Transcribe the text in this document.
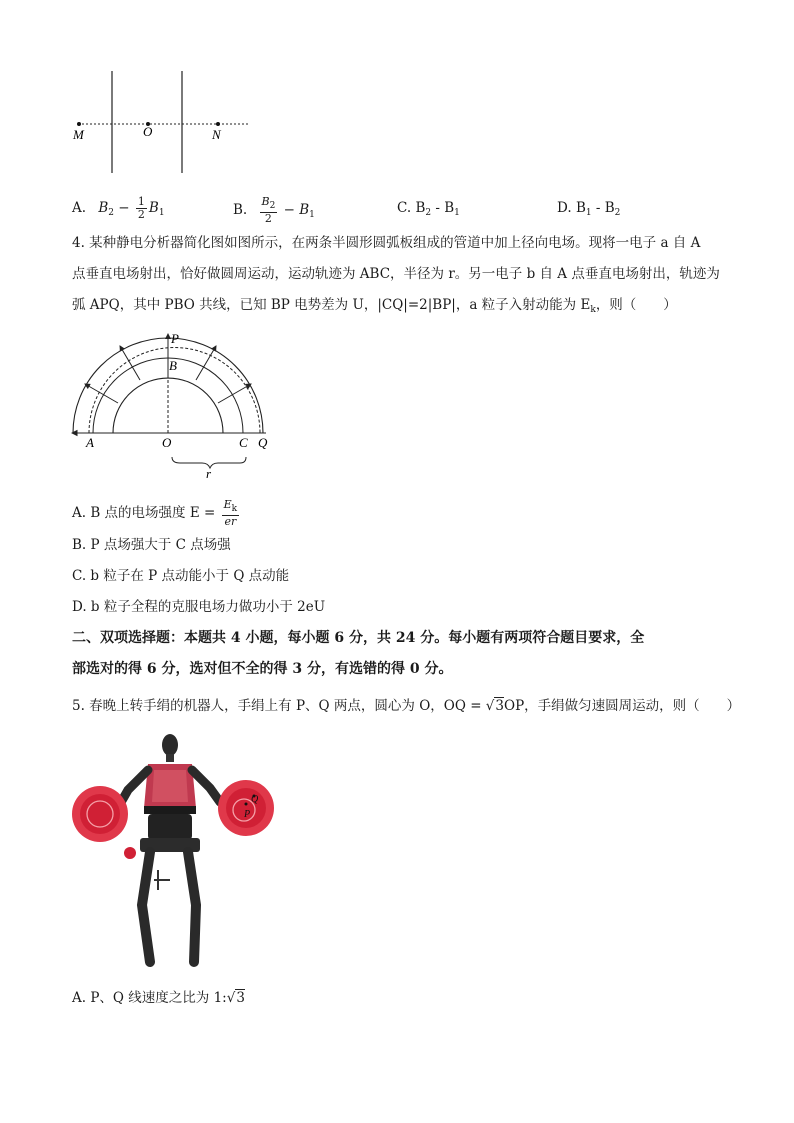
M	O	N
A. $B_2 - \frac{1}{2} B_1$	B. $\frac{B_2}{2} - B_1$	C. $B_2 - B_1$	D. $B_1 - B_2$
4. 某种静电分析器简化图如图所示，在两条半圆形圆弧板组成的管道中加上径向电场。现将一电子 a 自 A
点垂直电场射出，恰好做圆周运动，运动轨迹为 ABC，半径为 r。另一电子 b 自 A 点垂直电场射出，轨迹为
弧 APQ，其中 PBO 共线，已知 BP 电势差为 U，|CQ|=2|BP|，a 粒子入射动能为 $E_k$，则（　　）
P
B
A	O	C Q
r
A. B 点的电场强度 $E = \frac{E_k}{er}$
B. P 点场强大于 C 点场强
C. b 粒子在 P 点动能小于 Q 点动能
D. b 粒子全程的克服电场力做功小于 2eU
二、双项选择题：本题共 4 小题，每小题 6 分，共 24 分。每小题有两项符合题目要求，全
部选对的得 6 分，选对但不全的得 3 分，有选错的得 0 分。
5. 春晚上转手绢的机器人，手绢上有 P、Q 两点，圆心为 O，OQ = √3OP，手绢做匀速圆周运动，则（　　）
Q
P
A. P、Q 线速度之比为 1:√3
